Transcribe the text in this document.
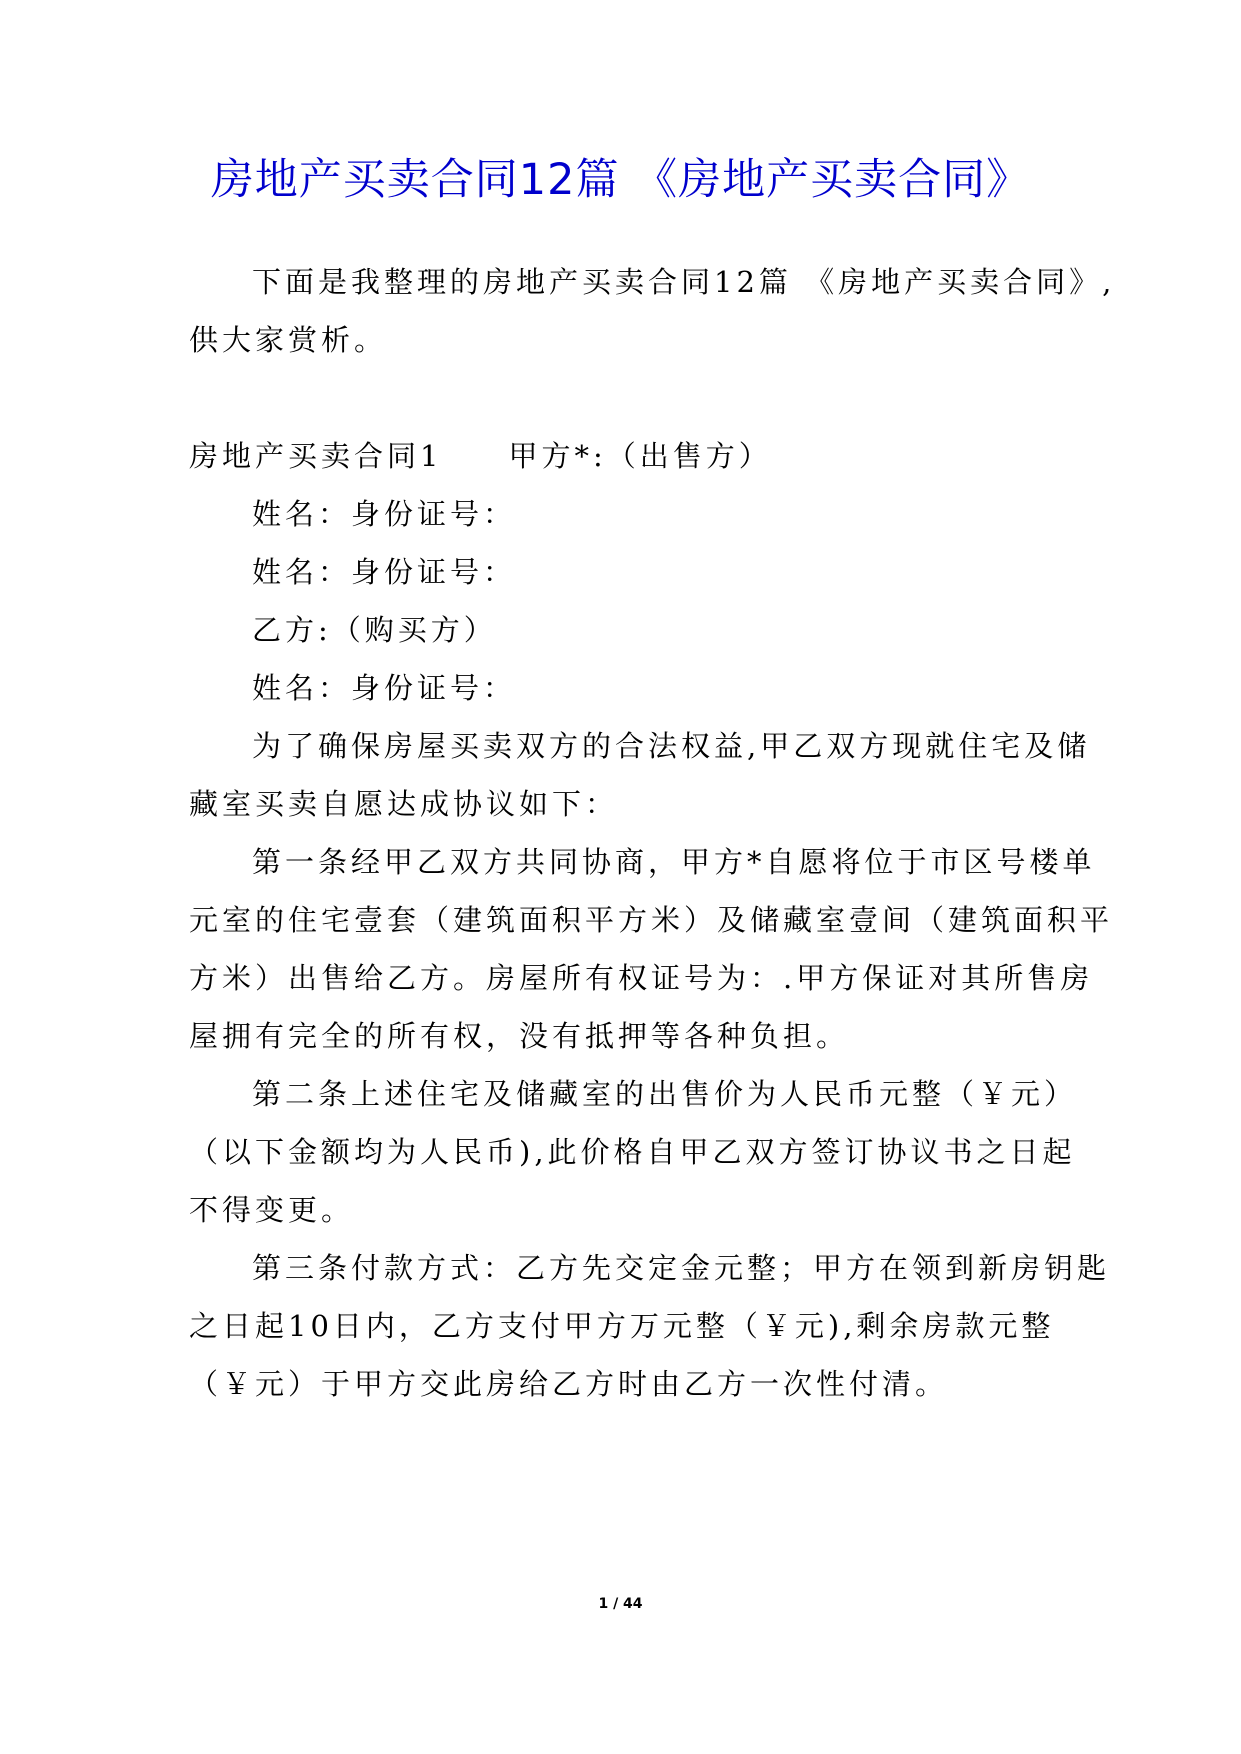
房地产买卖合同12篇 《房地产买卖合同》
下面是我整理的房地产买卖合同12篇 《房地产买卖合同》,
供大家赏析。
房地产买卖合同1　　甲方*:（出售方）
姓名：身份证号：
姓名：身份证号：
乙方:（购买方）
姓名：身份证号：
为了确保房屋买卖双方的合法权益,甲乙双方现就住宅及储
藏室买卖自愿达成协议如下：
第一条经甲乙双方共同协商，甲方*自愿将位于市区号楼单
元室的住宅壹套（建筑面积平方米）及储藏室壹间（建筑面积平
方米）出售给乙方。房屋所有权证号为：.甲方保证对其所售房
屋拥有完全的所有权，没有抵押等各种负担。
第二条上述住宅及储藏室的出售价为人民币元整（￥元）
（以下金额均为人民币),此价格自甲乙双方签订协议书之日起
不得变更。
第三条付款方式：乙方先交定金元整；甲方在领到新房钥匙
之日起10日内，乙方支付甲方万元整（￥元),剩余房款元整
（￥元）于甲方交此房给乙方时由乙方一次性付清。
1 / 44
